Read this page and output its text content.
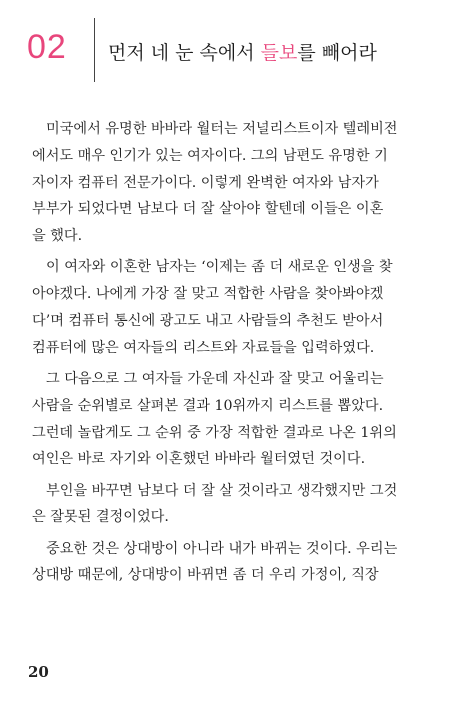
02 먼저 네 눈 속에서 들보를 빼어라
미국에서 유명한 바바라 월터는 저널리스트이자 텔레비전
에서도 매우 인기가 있는 여자이다. 그의 남편도 유명한 기
자이자 컴퓨터 전문가이다. 이렇게 완벽한 여자와 남자가
부부가 되었다면 남보다 더 잘 살아야 할텐데 이들은 이혼
을 했다.
이 여자와 이혼한 남자는 ‘이제는 좀 더 새로운 인생을 찾
아야겠다. 나에게 가장 잘 맞고 적합한 사람을 찾아봐야겠
다’며 컴퓨터 통신에 광고도 내고 사람들의 추천도 받아서
컴퓨터에 많은 여자들의 리스트와 자료들을 입력하였다.
그 다음으로 그 여자들 가운데 자신과 잘 맞고 어울리는
사람을 순위별로 살펴본 결과 10위까지 리스트를 뽑았다.
그런데 놀랍게도 그 순위 중 가장 적합한 결과로 나온 1위의
여인은 바로 자기와 이혼했던 바바라 월터였던 것이다.
부인을 바꾸면 남보다 더 잘 살 것이라고 생각했지만 그것
은 잘못된 결정이었다.
중요한 것은 상대방이 아니라 내가 바뀌는 것이다. 우리는
상대방 때문에, 상대방이 바뀌면 좀 더 우리 가정이, 직장
20
